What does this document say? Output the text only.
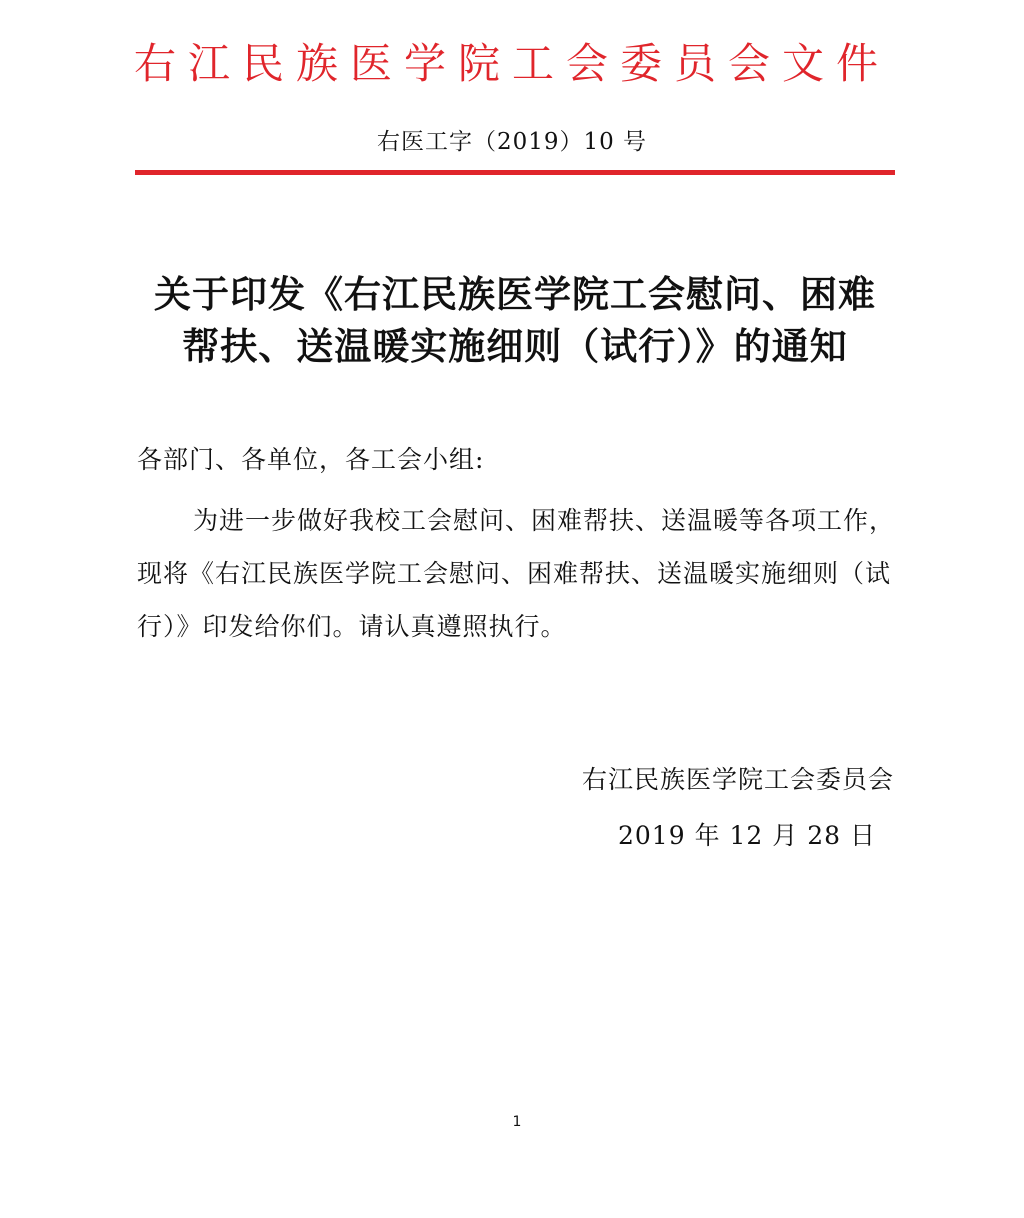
右江民族医学院工会委员会文件
右医工字（2019）10 号
关于印发《右江民族医学院工会慰问、困难
帮扶、送温暖实施细则（试行）》的通知
各部门、各单位，各工会小组:
为进一步做好我校工会慰问、困难帮扶、送温暖等各项工作，
现将《右江民族医学院工会慰问、困难帮扶、送温暖实施细则（试
行）》印发给你们。请认真遵照执行。
右江民族医学院工会委员会
2019 年 12 月 28 日
1
